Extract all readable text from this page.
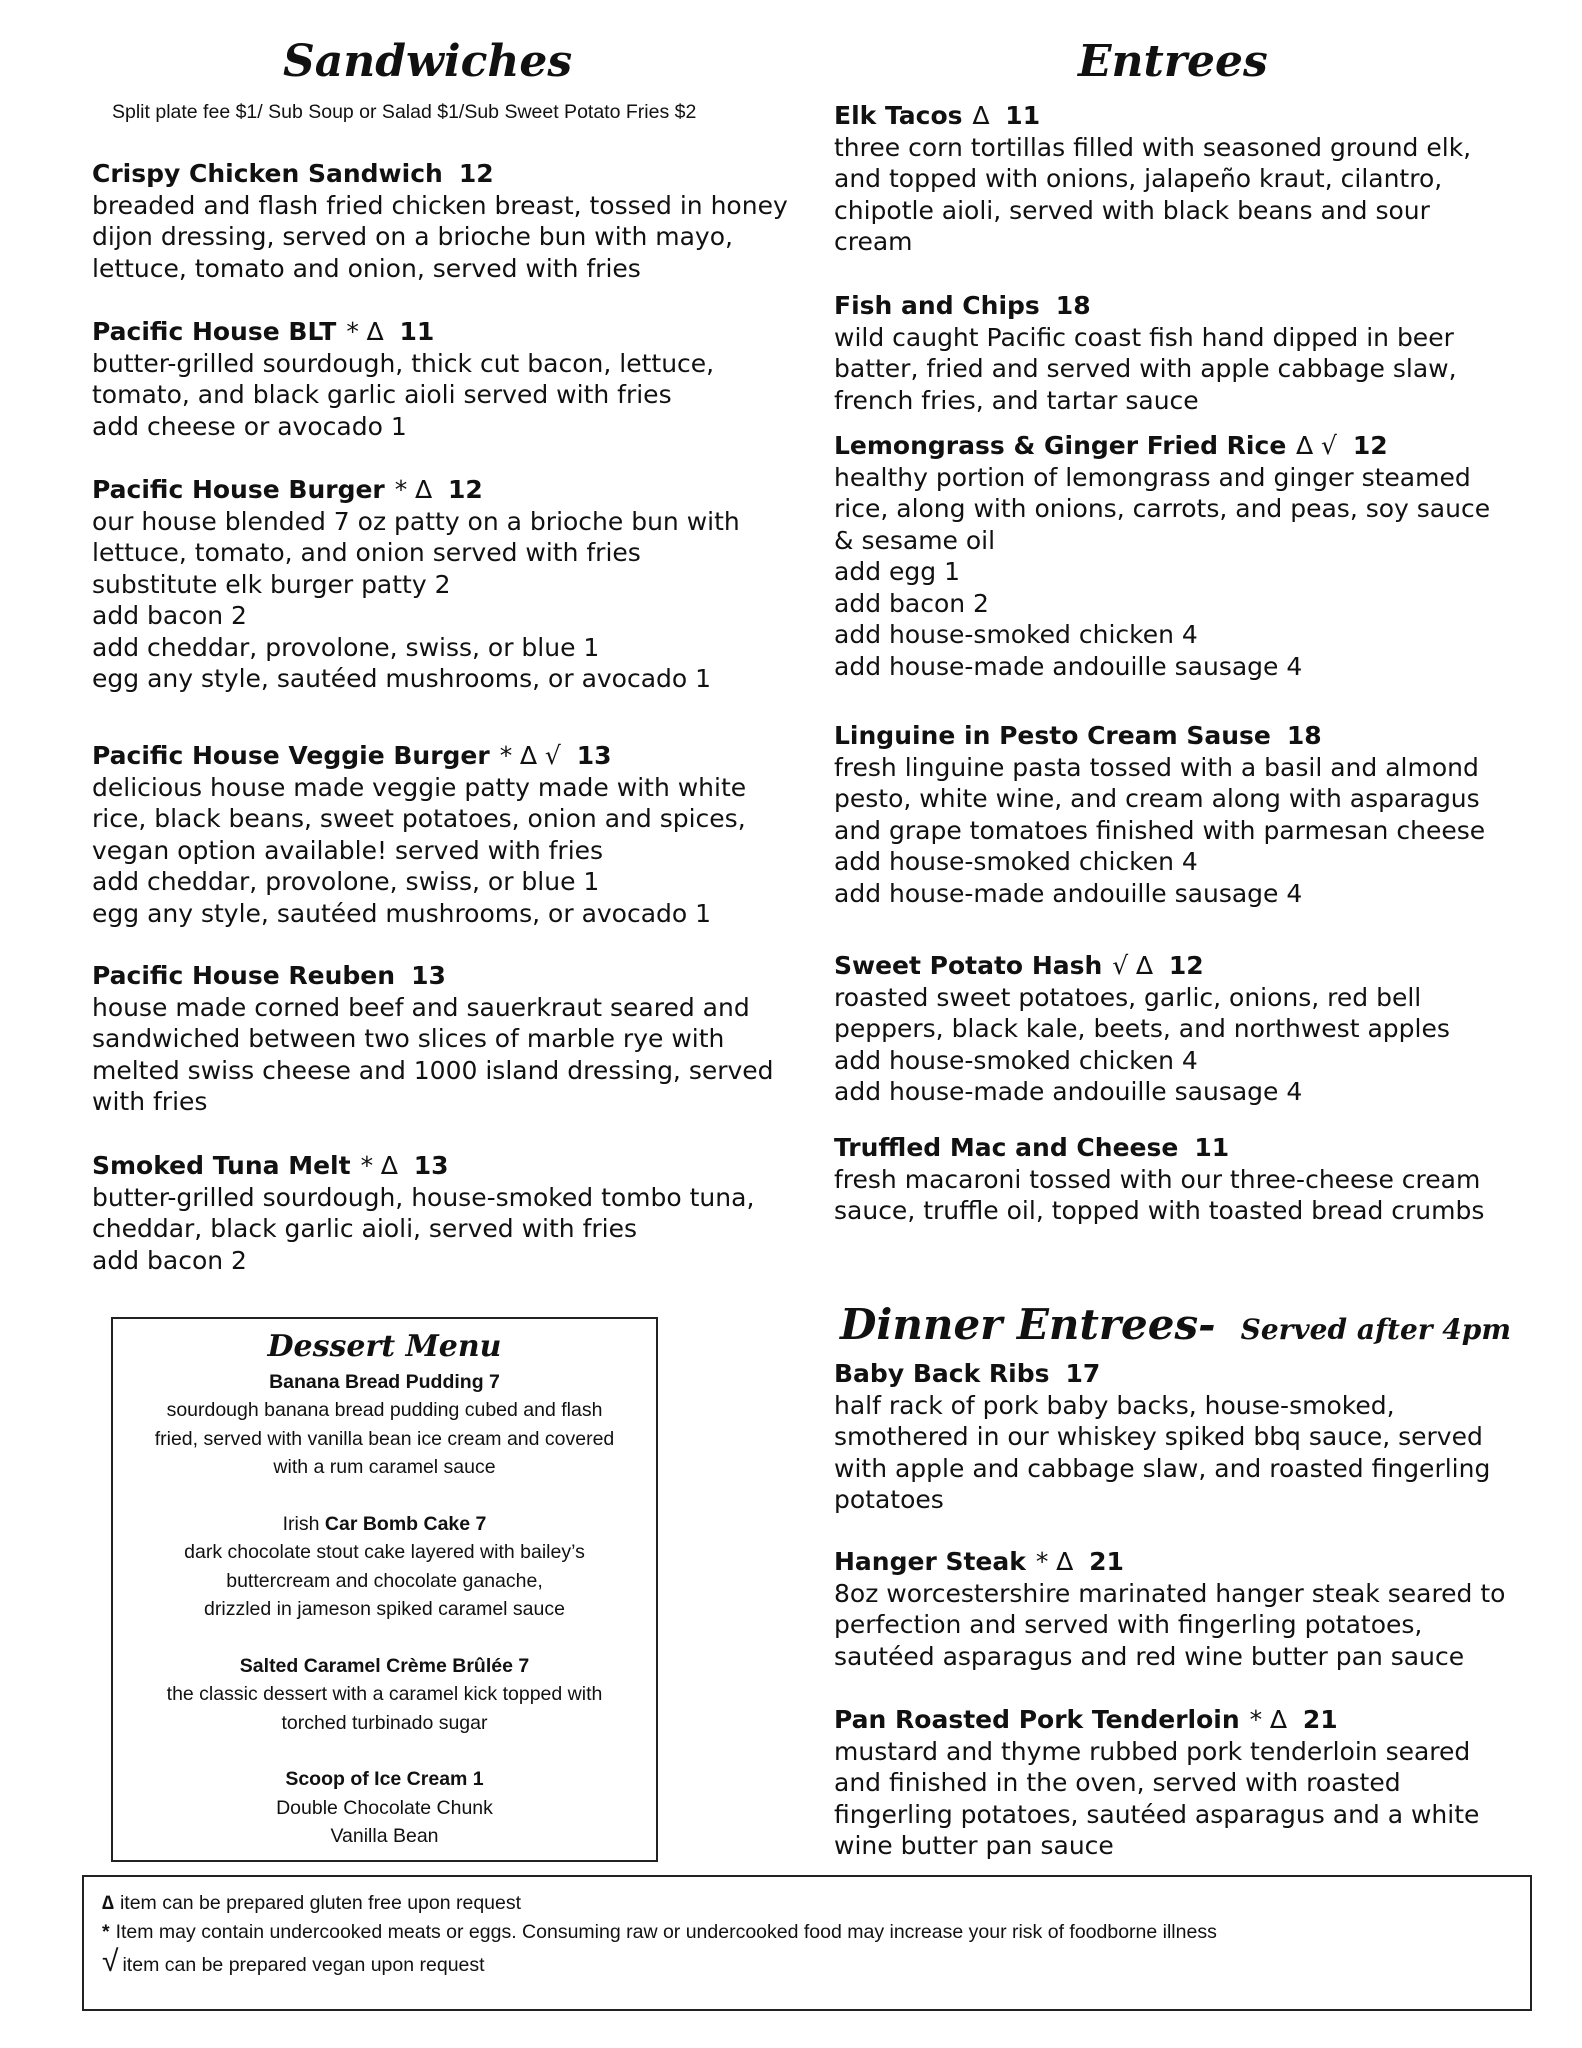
Sandwiches
Split plate fee $1/ Sub Soup or Salad $1/Sub Sweet Potato Fries $2
Entrees
Crispy Chicken Sandwich 12
breaded and flash fried chicken breast, tossed in honey dijon dressing, served on a brioche bun with mayo, lettuce, tomato and onion, served with fries
Pacific House BLT * ∆ 11
butter-grilled sourdough, thick cut bacon, lettuce, tomato, and black garlic aioli served with fries
add cheese or avocado 1
Pacific House Burger * ∆ 12
our house blended 7 oz patty on a brioche bun with lettuce, tomato, and onion served with fries
substitute elk burger patty 2
add bacon 2
add cheddar, provolone, swiss, or blue 1
egg any style, sautéed mushrooms, or avocado 1
Pacific House Veggie Burger * ∆ √ 13
delicious house made veggie patty made with white rice, black beans, sweet potatoes, onion and spices, vegan option available! served with fries
add cheddar, provolone, swiss, or blue 1
egg any style, sautéed mushrooms, or avocado 1
Pacific House Reuben 13
house made corned beef and sauerkraut seared and sandwiched between two slices of marble rye with melted swiss cheese and 1000 island dressing, served with fries
Smoked Tuna Melt * ∆ 13
butter-grilled sourdough, house-smoked tombo tuna, cheddar, black garlic aioli, served with fries
add bacon 2
Elk Tacos ∆ 11
three corn tortillas filled with seasoned ground elk, and topped with onions, jalapeño kraut, cilantro, chipotle aioli, served with black beans and sour cream
Fish and Chips 18
wild caught Pacific coast fish hand dipped in beer batter, fried and served with apple cabbage slaw, french fries, and tartar sauce
Lemongrass & Ginger Fried Rice ∆ √ 12
healthy portion of lemongrass and ginger steamed rice, along with onions, carrots, and peas, soy sauce & sesame oil
add egg 1
add bacon 2
add house-smoked chicken 4
add house-made andouille sausage 4
Linguine in Pesto Cream Sause 18
fresh linguine pasta tossed with a basil and almond pesto, white wine, and cream along with asparagus and grape tomatoes finished with parmesan cheese
add house-smoked chicken 4
add house-made andouille sausage 4
Sweet Potato Hash √ ∆ 12
roasted sweet potatoes, garlic, onions, red bell peppers, black kale, beets, and northwest apples
add house-smoked chicken 4
add house-made andouille sausage 4
Truffled Mac and Cheese 11
fresh macaroni tossed with our three-cheese cream sauce, truffle oil, topped with toasted bread crumbs
Dinner Entrees- Served after 4pm
Baby Back Ribs 17
half rack of pork baby backs, house-smoked, smothered in our whiskey spiked bbq sauce, served with apple and cabbage slaw, and roasted fingerling potatoes
Hanger Steak * ∆ 21
8oz worcestershire marinated hanger steak seared to perfection and served with fingerling potatoes, sautéed asparagus and red wine butter pan sauce
Pan Roasted Pork Tenderloin * ∆ 21
mustard and thyme rubbed pork tenderloin seared and finished in the oven, served with roasted fingerling potatoes, sautéed asparagus and a white wine butter pan sauce
Dessert Menu
Banana Bread Pudding 7
sourdough banana bread pudding cubed and flash
fried, served with vanilla bean ice cream and covered
with a rum caramel sauce
Irish Car Bomb Cake 7
dark chocolate stout cake layered with bailey’s
buttercream and chocolate ganache,
drizzled in jameson spiked caramel sauce
Salted Caramel Crème Brûlée 7
the classic dessert with a caramel kick topped with
torched turbinado sugar
Scoop of Ice Cream 1
Double Chocolate Chunk
Vanilla Bean
∆ item can be prepared gluten free upon request
* Item may contain undercooked meats or eggs. Consuming raw or undercooked food may increase your risk of foodborne illness
√ item can be prepared vegan upon request
